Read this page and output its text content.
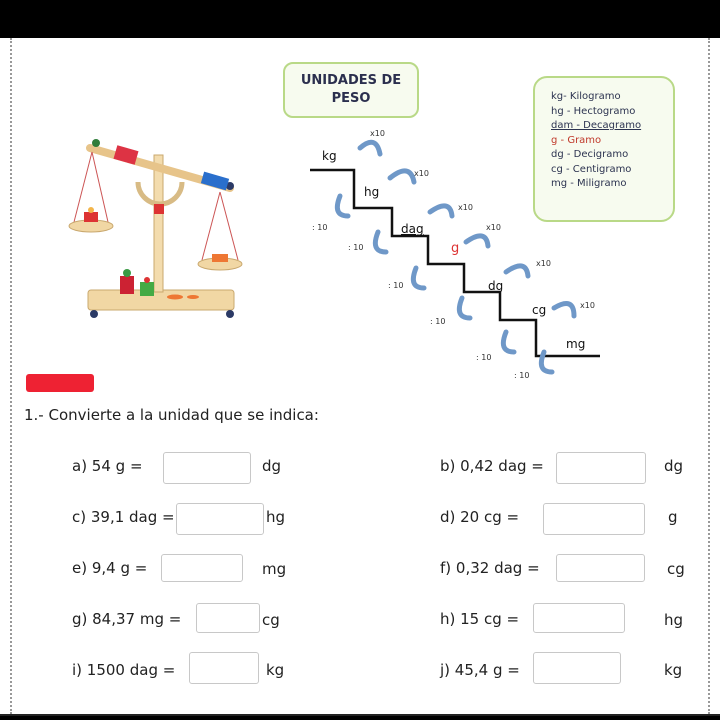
UNIDADES DE
PESO	kg- Kilogramo
hg - Hectogramo
dam - Decagramo
g - Gramo
dg - Decigramo
cg - Centigramo
mg - Miligramo
kg
hg
dag
g
dg
cg
mg
x10
x10
x10
x10
x10
x10
: 10
: 10
: 10
: 10
: 10
: 10
1.- Convierte a la unidad que se indica:
a) 54 g =	dg	b) 0,42 dag =	dg
c) 39,1 dag =	hg	d) 20 cg =	g
e) 9,4 g =	mg	f) 0,32 dag =	cg
g) 84,37 mg =	cg	h) 15 cg =	hg
i) 1500 dag =	kg	j) 45,4 g =	kg
